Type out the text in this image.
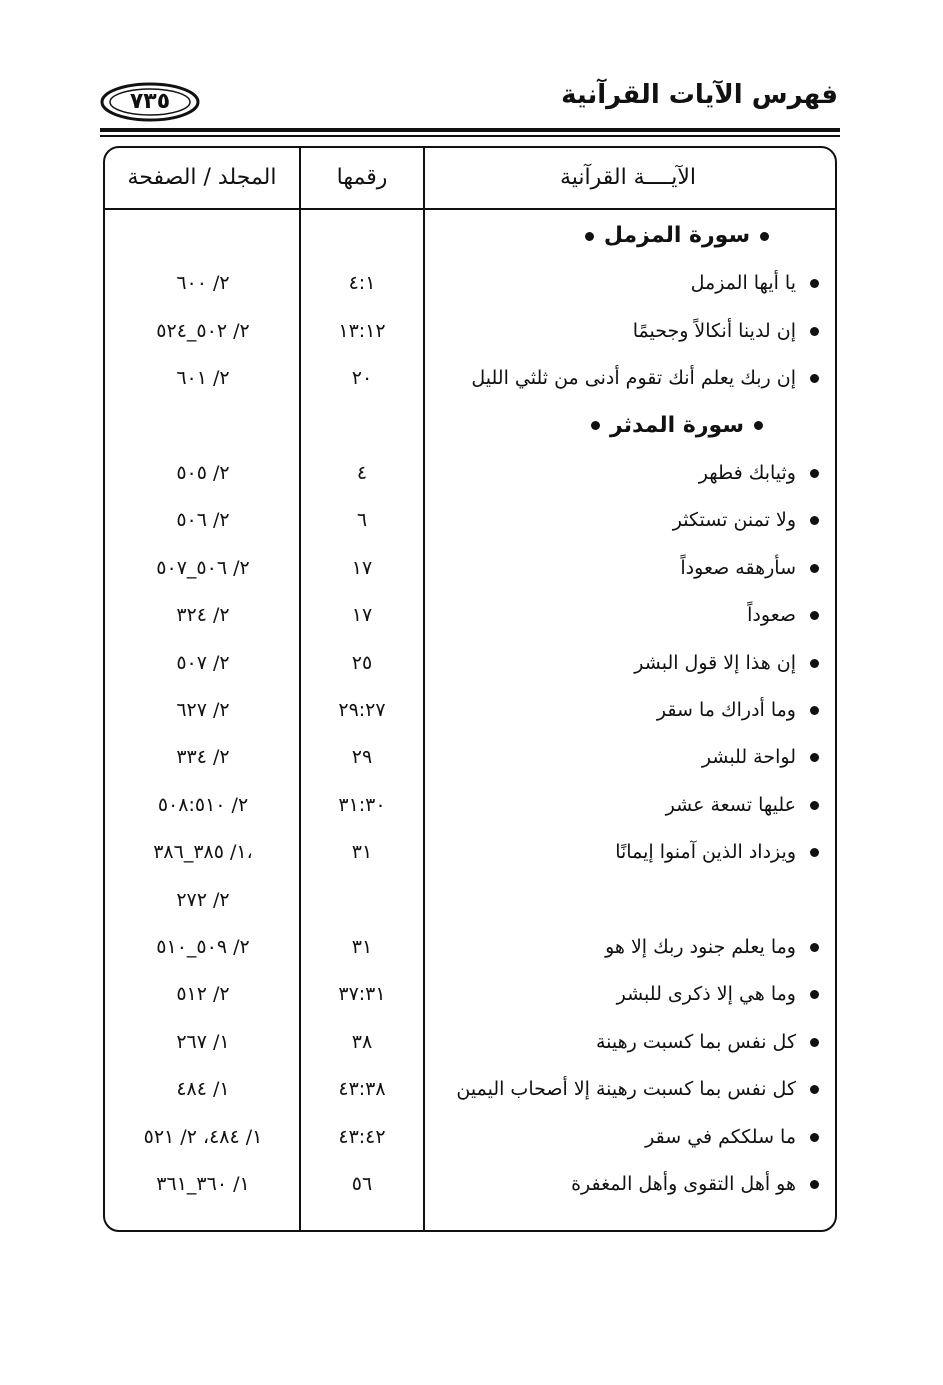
فهرس الآيات القرآنية
٧٣٥
الآيــــة القرآنية
رقمها
المجلد / الصفحة
سورة المزمل
يا أيها المزمل
٤:١
٢/ ٦٠٠
إن لدينا أنكالاً وجحيمًا
١٣:١٢
٢/ ٥٠٢_٥٢٤
إن ربك يعلم أنك تقوم أدنى من ثلثي الليل
٢٠
٢/ ٦٠١
سورة المدثر
وثيابك فطهر
٤
٢/ ٥٠٥
ولا تمنن تستكثر
٦
٢/ ٥٠٦
سأرهقه صعوداً
١٧
٢/ ٥٠٦_٥٠٧
صعوداً
١٧
٢/ ٣٢٤
إن هذا إلا قول البشر
٢٥
٢/ ٥٠٧
وما أدراك ما سقر
٢٩:٢٧
٢/ ٦٢٧
لواحة للبشر
٢٩
٢/ ٣٣٤
عليها تسعة عشر
٣١:٣٠
٢/ ٥٠٨:٥١٠
ويزداد الذين آمنوا إيمانًا
٣١
١/ ٣٨٥_٣٨٦،
٢/ ٢٧٢
وما يعلم جنود ربك إلا هو
٣١
٢/ ٥٠٩_٥١٠
وما هي إلا ذكرى للبشر
٣٧:٣١
٢/ ٥١٢
كل نفس بما كسبت رهينة
٣٨
١/ ٢٦٧
كل نفس بما كسبت رهينة إلا أصحاب اليمين
٤٣:٣٨
١/ ٤٨٤
ما سلككم في سقر
٤٣:٤٢
١/ ٤٨٤، ٢/ ٥٢١
هو أهل التقوى وأهل المغفرة
٥٦
١/ ٣٦٠_٣٦١
